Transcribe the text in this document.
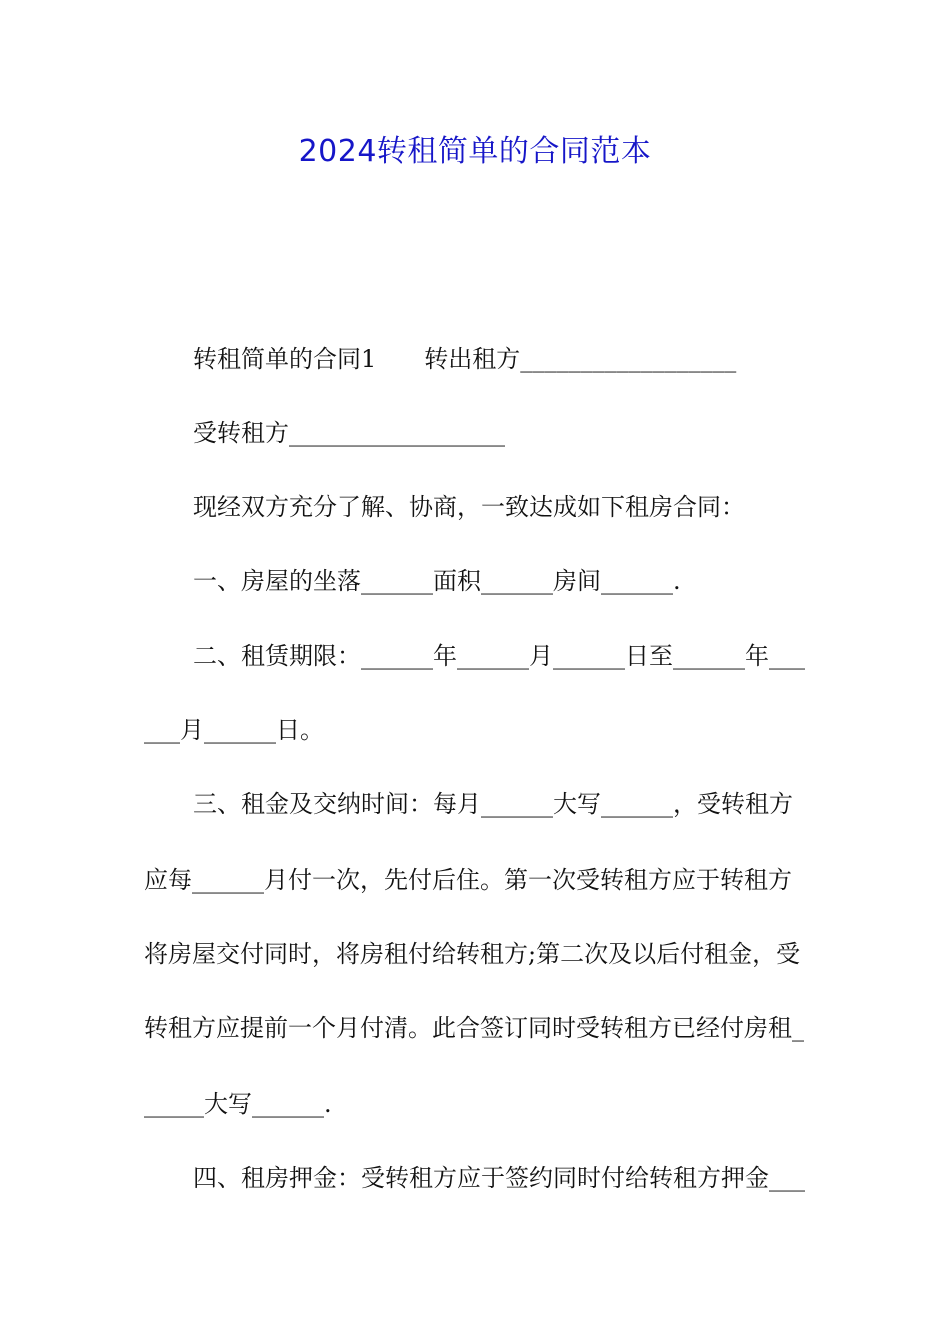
2024转租简单的合同范本

转租简单的合同1　　转出租方__________________

受转租方__________________

现经双方充分了解、协商，一致达成如下租房合同：

一、房屋的坐落______面积______房间______.

二、租赁期限：______年______月______日至______年___

___月______日。

三、租金及交纳时间：每月______大写______，受转租方

应每______月付一次，先付后住。第一次受转租方应于转租方

将房屋交付同时，将房租付给转租方;第二次及以后付租金，受

转租方应提前一个月付清。此合签订同时受转租方已经付房租_

_____大写______.

四、租房押金：受转租方应于签约同时付给转租方押金___
